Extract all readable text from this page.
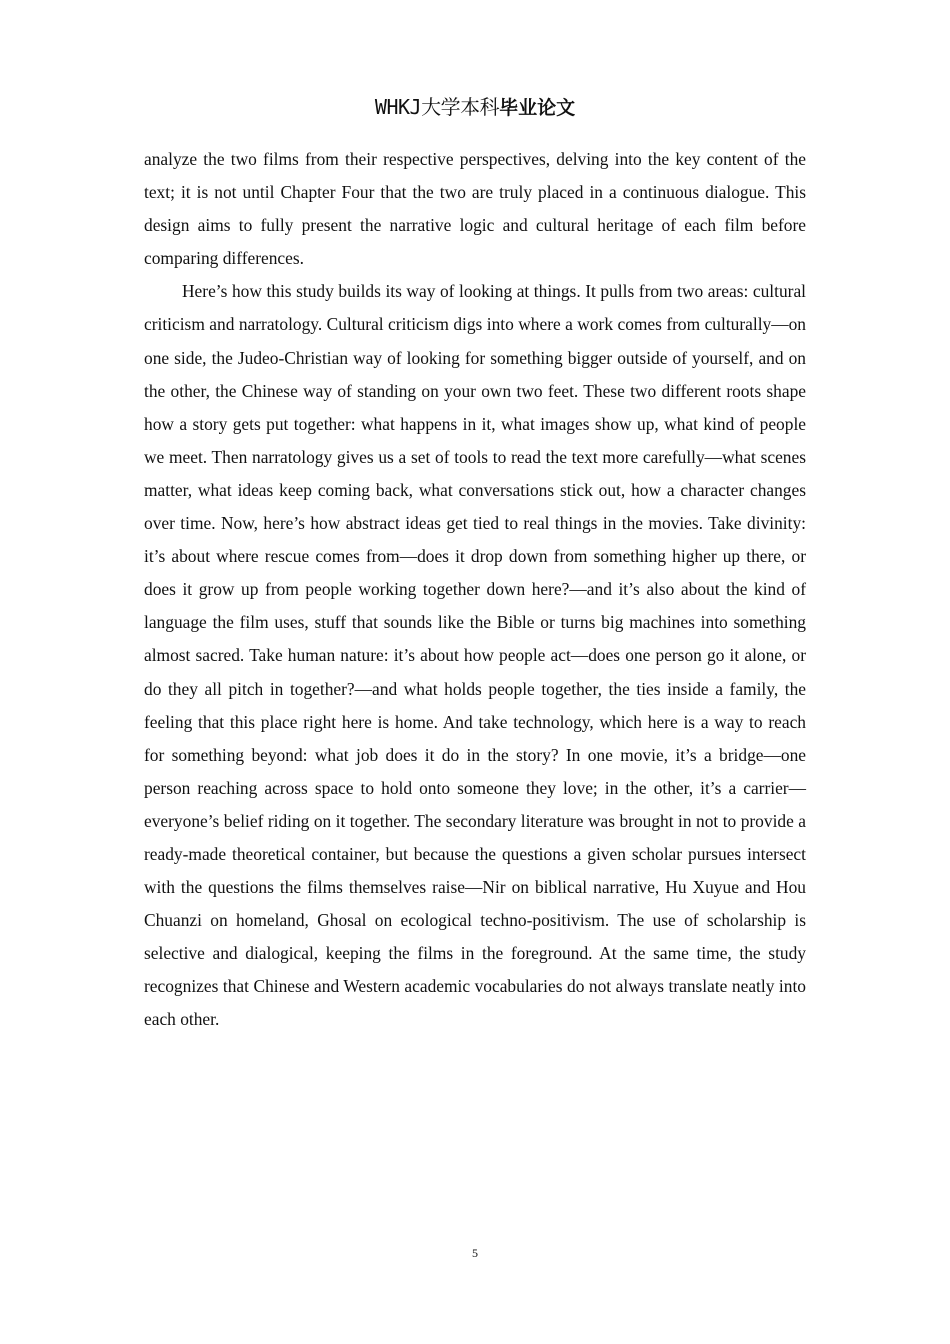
WHKJ大学本科毕业论文

analyze the two films from their respective perspectives, delving into the key content of the text; it is not until Chapter Four that the two are truly placed in a continuous dialogue. This design aims to fully present the narrative logic and cultural heritage of each film before comparing differences.

Here’s how this study builds its way of looking at things. It pulls from two areas: cultural criticism and narratology. Cultural criticism digs into where a work comes from culturally—on one side, the Judeo-Christian way of looking for something bigger outside of yourself, and on the other, the Chinese way of standing on your own two feet. These two different roots shape how a story gets put together: what happens in it, what images show up, what kind of people we meet. Then narratology gives us a set of tools to read the text more carefully—what scenes matter, what ideas keep coming back, what conversations stick out, how a character changes over time. Now, here’s how abstract ideas get tied to real things in the movies. Take divinity: it’s about where rescue comes from—does it drop down from something higher up there, or does it grow up from people working together down here?—and it’s also about the kind of language the film uses, stuff that sounds like the Bible or turns big machines into something almost sacred. Take human nature: it’s about how people act—does one person go it alone, or do they all pitch in together?—and what holds people together, the ties inside a family, the feeling that this place right here is home. And take technology, which here is a way to reach for something beyond: what job does it do in the story? In one movie, it’s a bridge—one person reaching across space to hold onto someone they love; in the other, it’s a carrier—everyone’s belief riding on it together. The secondary literature was brought in not to provide a ready-made theoretical container, but because the questions a given scholar pursues intersect with the questions the films themselves raise—Nir on biblical narrative, Hu Xuyue and Hou Chuanzi on homeland, Ghosal on ecological techno-positivism. The use of scholarship is selective and dialogical, keeping the films in the foreground. At the same time, the study recognizes that Chinese and Western academic vocabularies do not always translate neatly into each other.

5
